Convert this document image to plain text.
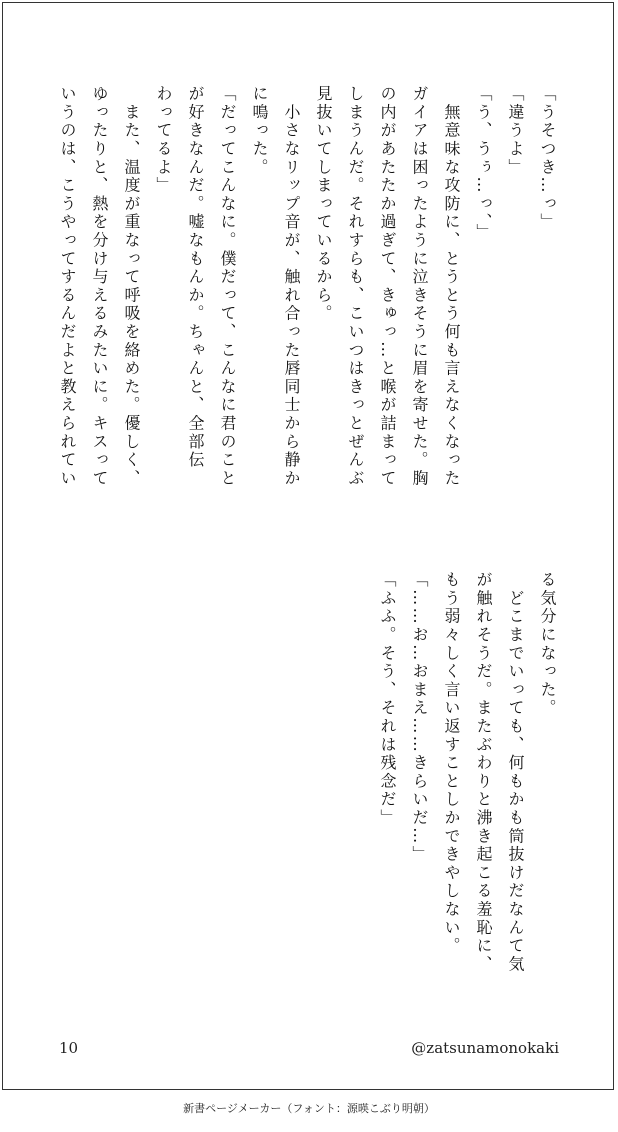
「うそつき…っ」

「違うよ」

「う、うぅ…っ、」

　無意味な攻防に、とうとう何も言えなくなった

ガイアは困ったように泣きそうに眉を寄せた。胸

の内があたたか過ぎて、きゅっ…と喉が詰まって

しまうんだ。それすらも、こいつはきっとぜんぶ

見抜いてしまっているから。

　小さなリップ音が、触れ合った唇同士から静か

に鳴った。

「だってこんなに。僕だって、こんなに君のこと

が好きなんだ。嘘なもんか。ちゃんと、全部伝

わってるよ」

　また、温度が重なって呼吸を絡めた。優しく、

ゆったりと、熱を分け与えるみたいに。キスって

いうのは、こうやってするんだよと教えられてい

る気分になった。

　どこまでいっても、何もかも筒抜けだなんて気

が触れそうだ。またぶわりと沸き起こる羞恥に、

もう弱々しく言い返すことしかできやしない。

「……お…おまえ……きらいだ…」

「ふふ。そう、それは残念だ」

10	@zatsunamonokaki
新書ページメーカー（フォント：源暎こぶり明朝）
